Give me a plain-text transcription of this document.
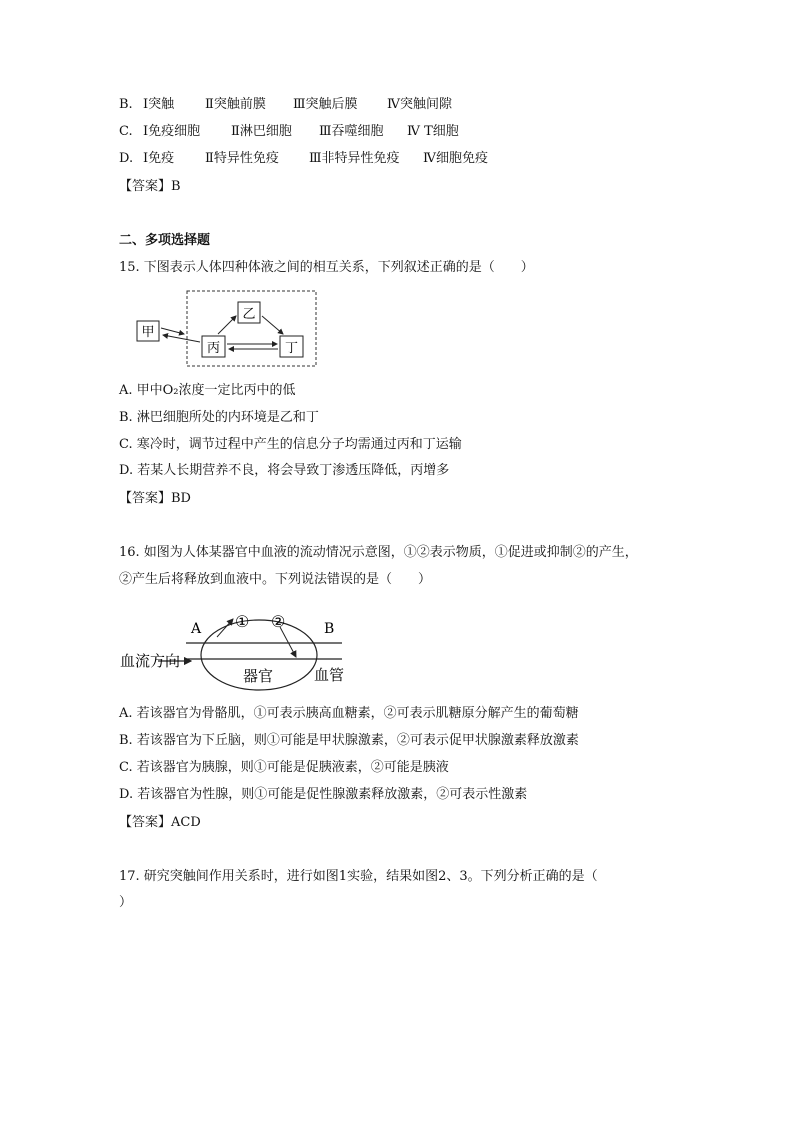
B. Ⅰ突触 Ⅱ突触前膜 Ⅲ突触后膜 Ⅳ突触间隙
C. Ⅰ免疫细胞 Ⅱ淋巴细胞 Ⅲ吞噬细胞 Ⅳ T细胞
D. Ⅰ免疫 Ⅱ特异性免疫 Ⅲ非特异性免疫 Ⅳ细胞免疫
【答案】B
二、多项选择题
15. 下图表示人体四种体液之间的相互关系，下列叙述正确的是（　　）
甲
乙
丙	丁
A. 甲中O₂浓度一定比丙中的低
B. 淋巴细胞所处的内环境是乙和丁
C. 寒冷时，调节过程中产生的信息分子均需通过丙和丁运输
D. 若某人长期营养不良，将会导致丁渗透压降低，丙增多
【答案】BD
16. 如图为人体某器官中血液的流动情况示意图，①②表示物质，①促进或抑制②的产生，
②产生后将释放到血液中。下列说法错误的是（　　）
A	B
① ②
血流方向
器官	血管
A. 若该器官为骨骼肌，①可表示胰高血糖素，②可表示肌糖原分解产生的葡萄糖
B. 若该器官为下丘脑，则①可能是甲状腺激素，②可表示促甲状腺激素释放激素
C. 若该器官为胰腺，则①可能是促胰液素，②可能是胰液
D. 若该器官为性腺，则①可能是促性腺激素释放激素，②可表示性激素
【答案】ACD
17. 研究突触间作用关系时，进行如图1实验，结果如图2、3。下列分析正确的是（
）
